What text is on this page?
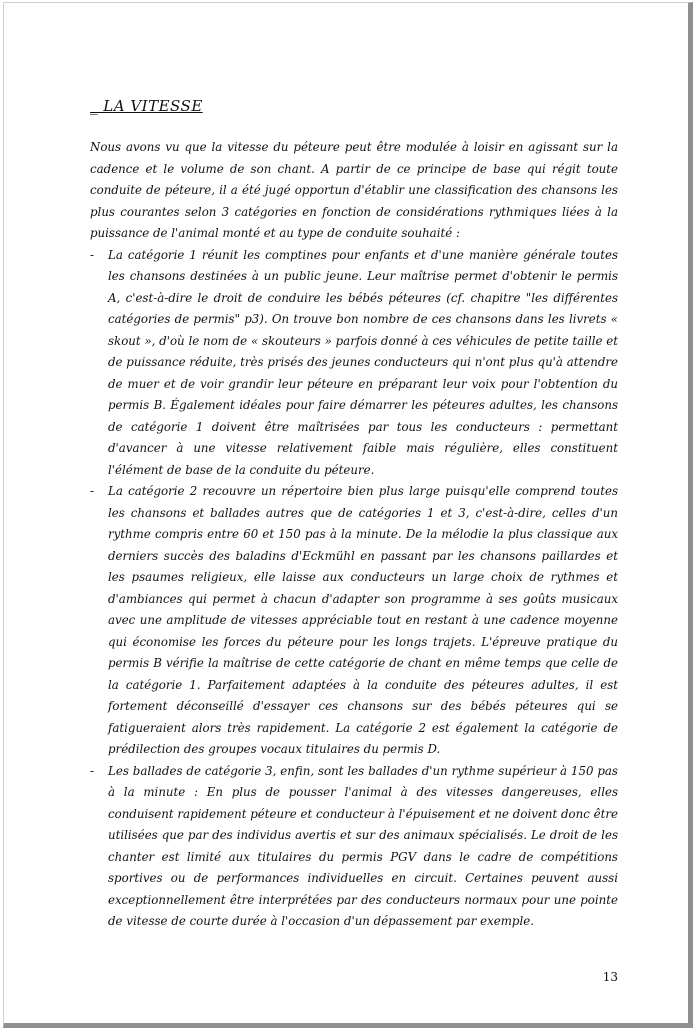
_ LA VITESSE

Nous avons vu que la vitesse du péteure peut être modulée à loisir en agissant sur la cadence et le volume de son chant. A partir de ce principe de base qui régit toute conduite de péteure, il a été jugé opportun d'établir une classification des chansons les plus courantes selon 3 catégories en fonction de considérations rythmiques liées à la puissance de l'animal monté et au type de conduite souhaité :

- La catégorie 1 réunit les comptines pour enfants et d'une manière générale toutes les chansons destinées à un public jeune. Leur maîtrise permet d'obtenir le permis A, c'est-à-dire le droit de conduire les bébés péteures (cf. chapitre "les différentes catégories de permis" p3). On trouve bon nombre de ces chansons dans les livrets « skout », d'où le nom de « skouteurs » parfois donné à ces véhicules de petite taille et de puissance réduite, très prisés des jeunes conducteurs qui n'ont plus qu'à attendre de muer et de voir grandir leur péteure en préparant leur voix pour l'obtention du permis B. Également idéales pour faire démarrer les péteures adultes, les chansons de catégorie 1 doivent être maîtrisées par tous les conducteurs : permettant d'avancer à une vitesse relativement faible mais régulière, elles constituent l'élément de base de la conduite du péteure.
- La catégorie 2 recouvre un répertoire bien plus large puisqu'elle comprend toutes les chansons et ballades autres que de catégories 1 et 3, c'est-à-dire, celles d'un rythme compris entre 60 et 150 pas à la minute. De la mélodie la plus classique aux derniers succès des baladins d'Eckmühl en passant par les chansons paillardes et les psaumes religieux, elle laisse aux conducteurs un large choix de rythmes et d'ambiances qui permet à chacun d'adapter son programme à ses goûts musicaux avec une amplitude de vitesses appréciable tout en restant à une cadence moyenne qui économise les forces du péteure pour les longs trajets. L'épreuve pratique du permis B vérifie la maîtrise de cette catégorie de chant en même temps que celle de la catégorie 1. Parfaitement adaptées à la conduite des péteures adultes, il est fortement déconseillé d'essayer ces chansons sur des bébés péteures qui se fatigueraient alors très rapidement. La catégorie 2 est également la catégorie de prédilection des groupes vocaux titulaires du permis D.
- Les ballades de catégorie 3, enfin, sont les ballades d'un rythme supérieur à 150 pas à la minute : En plus de pousser l'animal à des vitesses dangereuses, elles conduisent rapidement péteure et conducteur à l'épuisement et ne doivent donc être utilisées que par des individus avertis et sur des animaux spécialisés. Le droit de les chanter est limité aux titulaires du permis PGV dans le cadre de compétitions sportives ou de performances individuelles en circuit. Certaines peuvent aussi exceptionnellement être interprétées par des conducteurs normaux pour une pointe de vitesse de courte durée à l'occasion d'un dépassement par exemple.
13
